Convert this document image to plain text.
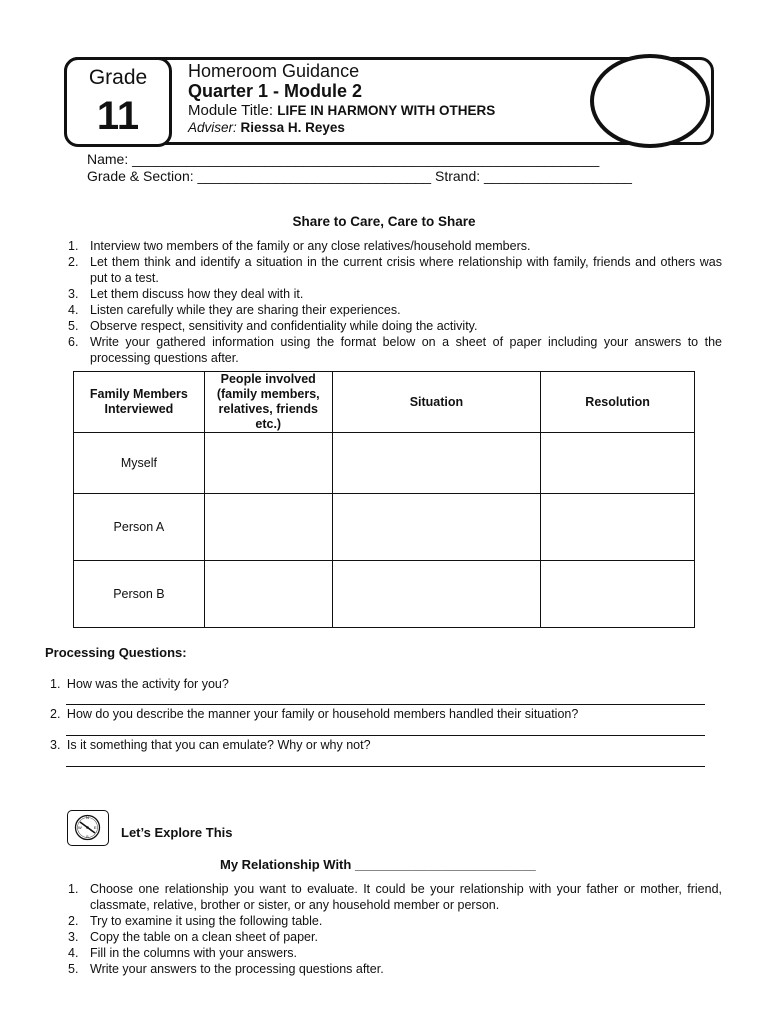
Grade
11
Homeroom Guidance
Quarter 1 - Module 2
Module Title: LIFE IN HARMONY WITH OTHERS
Adviser: Riessa H. Reyes
Name: ____________________________________________________________
Grade & Section: ______________________________ Strand: ___________________
Share to Care, Care to Share
1. Interview two members of the family or any close relatives/household members.
2. Let them think and identify a situation in the current crisis where relationship with family, friends and others was put to a test.
3. Let them discuss how they deal with it.
4. Listen carefully while they are sharing their experiences.
5. Observe respect, sensitivity and confidentiality while doing the activity.
6. Write your gathered information using the format below on a sheet of paper including your answers to the processing questions after.
Family Members Interviewed	People involved (family members, relatives, friends etc.)	Situation	Resolution
Myself			
Person A			
Person B			
Processing Questions:
1. How was the activity for you?
2. How do you describe the manner your family or household members handled their situation?
3. Is it something that you can emulate? Why or why not?
N
E
W
S Let’s Explore This
My Relationship With _________________________
1. Choose one relationship you want to evaluate. It could be your relationship with your father or mother, friend, classmate, relative, brother or sister, or any household member or person.
2. Try to examine it using the following table.
3. Copy the table on a clean sheet of paper.
4. Fill in the columns with your answers.
5. Write your answers to the processing questions after.
